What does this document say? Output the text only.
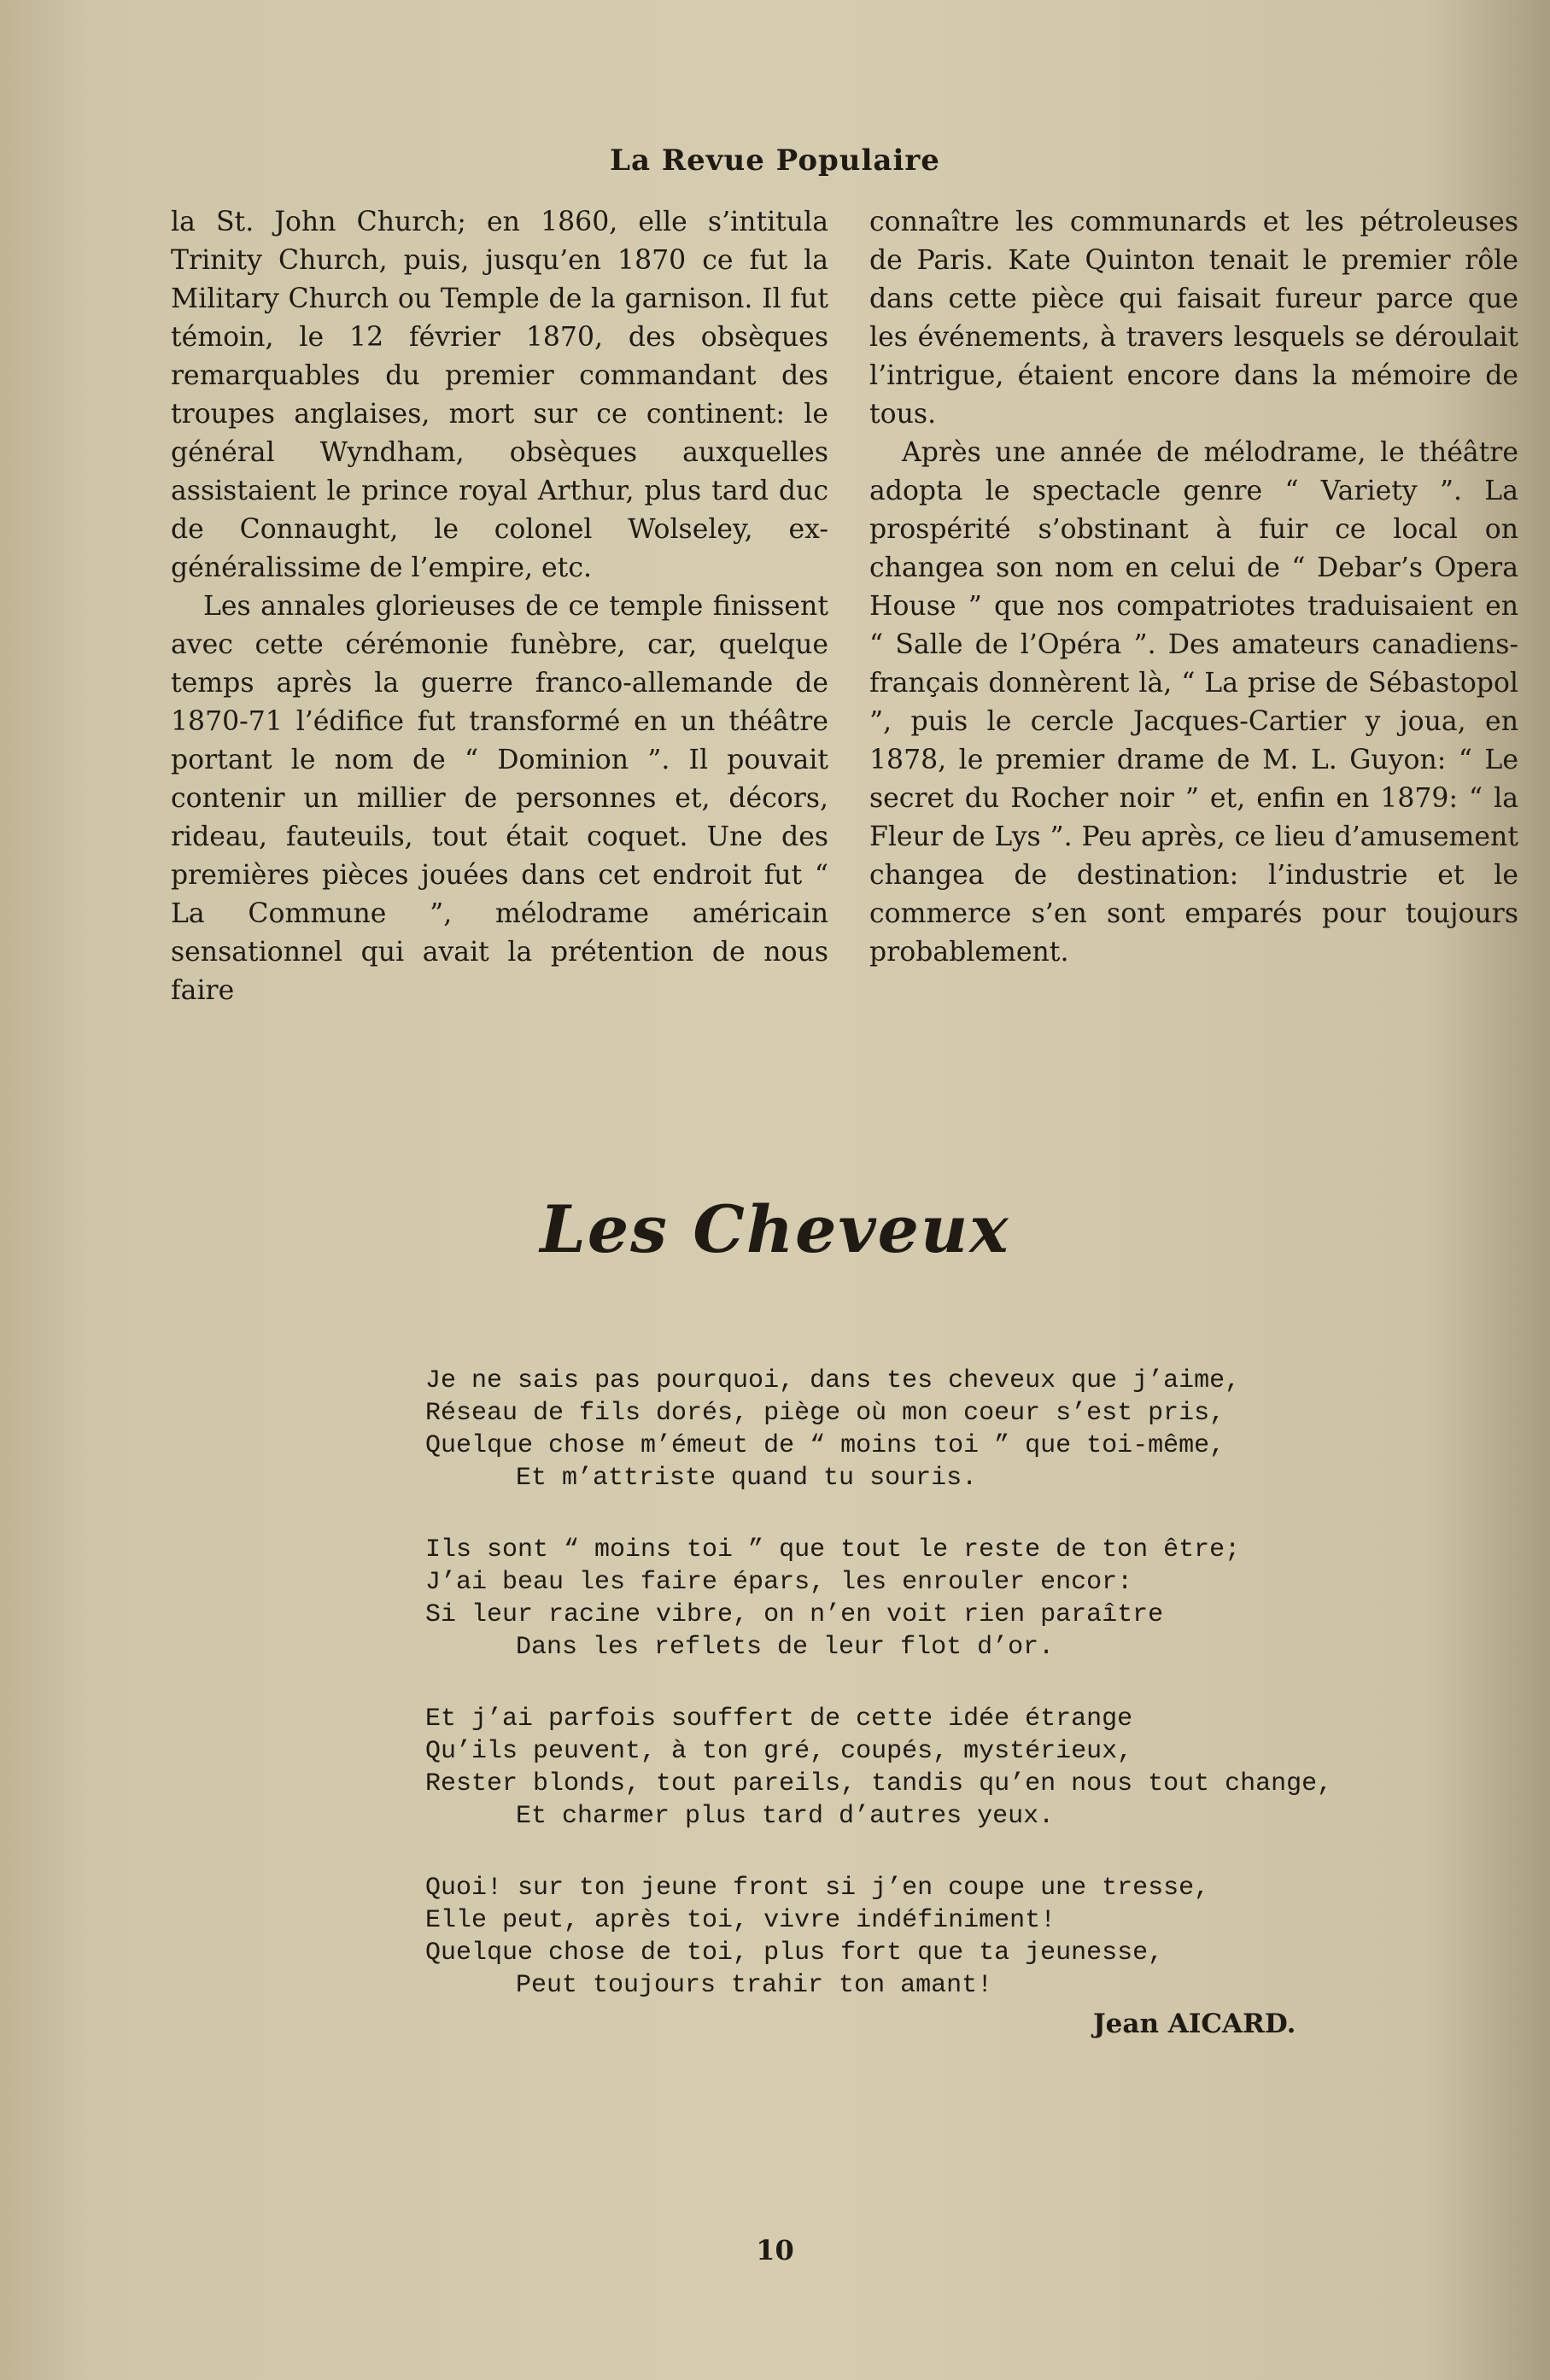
La Revue Populaire

la St. John Church; en 1860, elle s’intitula Trinity Church, puis, jusqu’en 1870 ce fut la Military Church ou Temple de la garnison. Il fut témoin, le 12 février 1870, des obsèques remarquables du premier commandant des troupes anglaises, mort sur ce continent: le général Wyndham, obsèques auxquelles assistaient le prince royal Arthur, plus tard duc de Connaught, le colonel Wolseley, ex-généralissime de l’empire, etc.

Les annales glorieuses de ce temple finissent avec cette cérémonie funèbre, car, quelque temps après la guerre franco-allemande de 1870-71 l’édifice fut transformé en un théâtre portant le nom de “ Dominion ”. Il pouvait contenir un millier de personnes et, décors, rideau, fauteuils, tout était coquet. Une des premières pièces jouées dans cet endroit fut “ La Commune ”, mélodrame américain sensationnel qui avait la prétention de nous faire

connaître les communards et les pétroleuses de Paris. Kate Quinton tenait le premier rôle dans cette pièce qui faisait fureur parce que les événements, à travers lesquels se déroulait l’intrigue, étaient encore dans la mémoire de tous.

Après une année de mélodrame, le théâtre adopta le spectacle genre “ Variety ”. La prospérité s’obstinant à fuir ce local on changea son nom en celui de “ Debar’s Opera House ” que nos compatriotes traduisaient en “ Salle de l’Opéra ”. Des amateurs canadiens-français donnèrent là, “ La prise de Sébastopol ”, puis le cercle Jacques-Cartier y joua, en 1878, le premier drame de M. L. Guyon: “ Le secret du Rocher noir ” et, enfin en 1879: “ la Fleur de Lys ”. Peu après, ce lieu d’amusement changea de destination: l’industrie et le commerce s’en sont emparés pour toujours probablement.

Les Cheveux
Je ne sais pas pourquoi, dans tes cheveux que j’aime,
Réseau de fils dorés, piège où mon coeur s’est pris,
Quelque chose m’émeut de “ moins toi ” que toi-même,
Et m’attriste quand tu souris.
Ils sont “ moins toi ” que tout le reste de ton être;
J’ai beau les faire épars, les enrouler encor:
Si leur racine vibre, on n’en voit rien paraître
Dans les reflets de leur flot d’or.
Et j’ai parfois souffert de cette idée étrange
Qu’ils peuvent, à ton gré, coupés, mystérieux,
Rester blonds, tout pareils, tandis qu’en nous tout change,
Et charmer plus tard d’autres yeux.
Quoi! sur ton jeune front si j’en coupe une tresse,
Elle peut, après toi, vivre indéfiniment!
Quelque chose de toi, plus fort que ta jeunesse,
Peut toujours trahir ton amant!
Jean AICARD.
10
